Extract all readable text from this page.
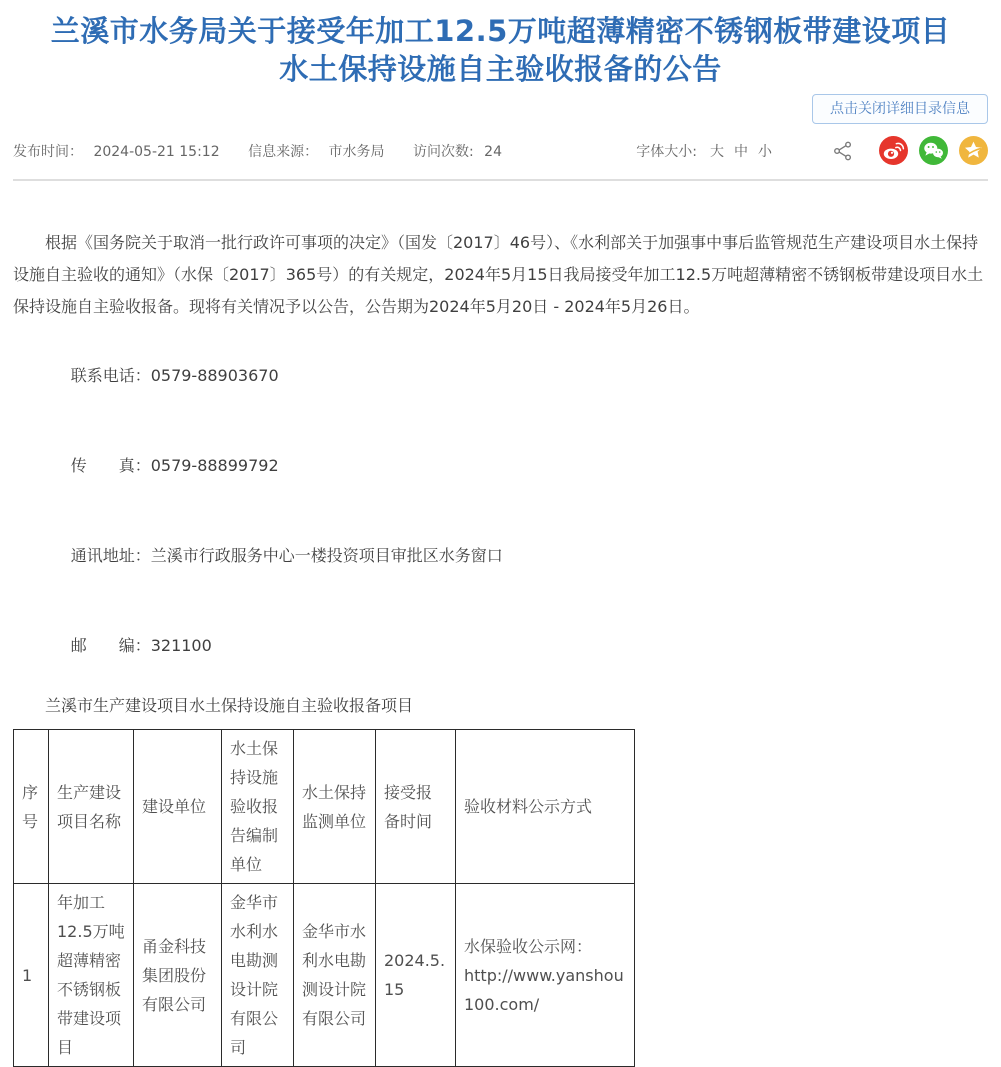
兰溪市水务局关于接受年加工12.5万吨超薄精密不锈钢板带建设项目
水土保持设施自主验收报备的公告
点击关闭详细目录信息
发布时间： 2024-05-21 15:12 信息来源： 市水务局 访问次数: 24	字体大小: 大 中 小

根据《国务院关于取消一批行政许可事项的决定》（国发〔2017〕46号）、《水利部关于加强事中事后监管规范生产建设项目水土保持设施自主验收的通知》（水保〔2017〕365号）的有关规定，2024年5月15日我局接受年加工12.5万吨超薄精密不锈钢板带建设项目水土保持设施自主验收报备。现将有关情况予以公告，公告期为2024年5月20日 - 2024年5月26日。

联系电话：0579-88903670

传　　真：0579-88899792

通讯地址：兰溪市行政服务中心一楼投资项目审批区水务窗口

邮　　编：321100

兰溪市生产建设项目水土保持设施自主验收报备项目
序号	生产建设项目名称	建设单位	水土保持设施验收报告编制单位	水土保持监测单位	接受报备时间	验收材料公示方式
1	年加工12.5万吨超薄精密不锈钢板带建设项目	甬金科技集团股份有限公司	金华市水利水电勘测设计院有限公司	金华市水利水电勘测设计院有限公司	2024.5.15	水保验收公示网：http://www.yanshou100.com/
